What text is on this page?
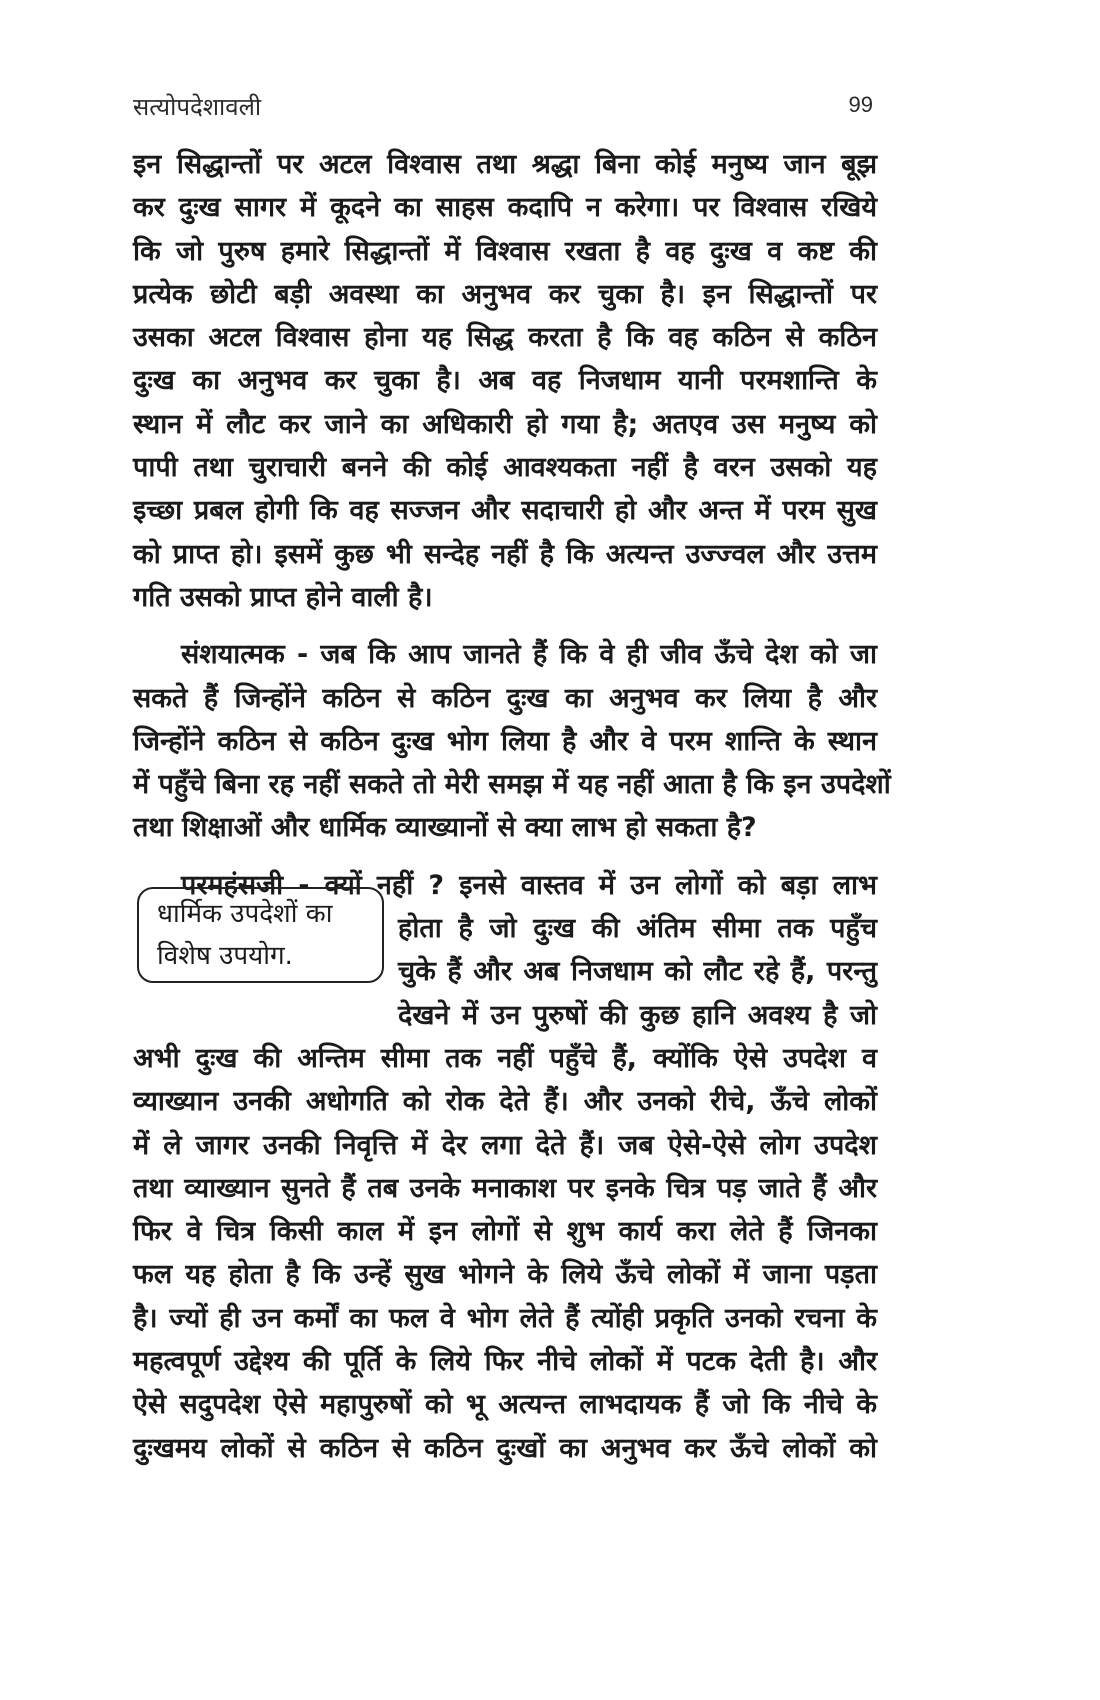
सत्योपदेशावली	99
इन सिद्धान्तों पर अटल विश्वास तथा श्रद्धा बिना कोई मनुष्य जान बूझ
कर दुःख सागर में कूदने का साहस कदापि न करेगा। पर विश्वास रखिये
कि जो पुरुष हमारे सिद्धान्तों में विश्वास रखता है वह दुःख व कष्ट की
प्रत्येक छोटी बड़ी अवस्था का अनुभव कर चुका है। इन सिद्धान्तों पर
उसका अटल विश्वास होना यह सिद्ध करता है कि वह कठिन से कठिन
दुःख का अनुभव कर चुका है। अब वह निजधाम यानी परमशान्ति के
स्थान में लौट कर जाने का अधिकारी हो गया है; अतएव उस मनुष्य को
पापी तथा चुराचारी बनने की कोई आवश्यकता नहीं है वरन उसको यह
इच्छा प्रबल होगी कि वह सज्जन और सदाचारी हो और अन्त में परम सुख
को प्राप्त हो। इसमें कुछ भी सन्देह नहीं है कि अत्यन्त उज्ज्वल और उत्तम
गति उसको प्राप्त होने वाली है।
संशयात्मक - जब कि आप जानते हैं कि वे ही जीव ऊँचे देश को जा
सकते हैं जिन्होंने कठिन से कठिन दुःख का अनुभव कर लिया है और
जिन्होंने कठिन से कठिन दुःख भोग लिया है और वे परम शान्ति के स्थान
में पहुँचे बिना रह नहीं सकते तो मेरी समझ में यह नहीं आता है कि इन उपदेशों
तथा शिक्षाओं और धार्मिक व्याख्यानों से क्या लाभ हो सकता है?
परमहंसजी - क्यों नहीं ? इनसे वास्तव में उन लोगों को बड़ा लाभ
होता है जो दुःख की अंतिम सीमा तक पहुँच
चुके हैं और अब निजधाम को लौट रहे हैं, परन्तु
देखने में उन पुरुषों की कुछ हानि अवश्य है जो
अभी दुःख की अन्तिम सीमा तक नहीं पहुँचे हैं, क्योंकि ऐसे उपदेश व
व्याख्यान उनकी अधोगति को रोक देते हैं। और उनको रीचे, ऊँचे लोकों
में ले जागर उनकी निवृत्ति में देर लगा देते हैं। जब ऐसे-ऐसे लोग उपदेश
तथा व्याख्यान सुनते हैं तब उनके मनाकाश पर इनके चित्र पड़ जाते हैं और
फिर वे चित्र किसी काल में इन लोगों से शुभ कार्य करा लेते हैं जिनका
फल यह होता है कि उन्हें सुख भोगने के लिये ऊँचे लोकों में जाना पड़ता
है। ज्यों ही उन कर्मों का फल वे भोग लेते हैं त्योंही प्रकृति उनको रचना के
महत्वपूर्ण उद्देश्य की पूर्ति के लिये फिर नीचे लोकों में पटक देती है। और
ऐसे सदुपदेश ऐसे महापुरुषों को भू अत्यन्त लाभदायक हैं जो कि नीचे के
दुःखमय लोकों से कठिन से कठिन दुःखों का अनुभव कर ऊँचे लोकों को
धार्मिक उपदेशों का
विशेष उपयोग.
